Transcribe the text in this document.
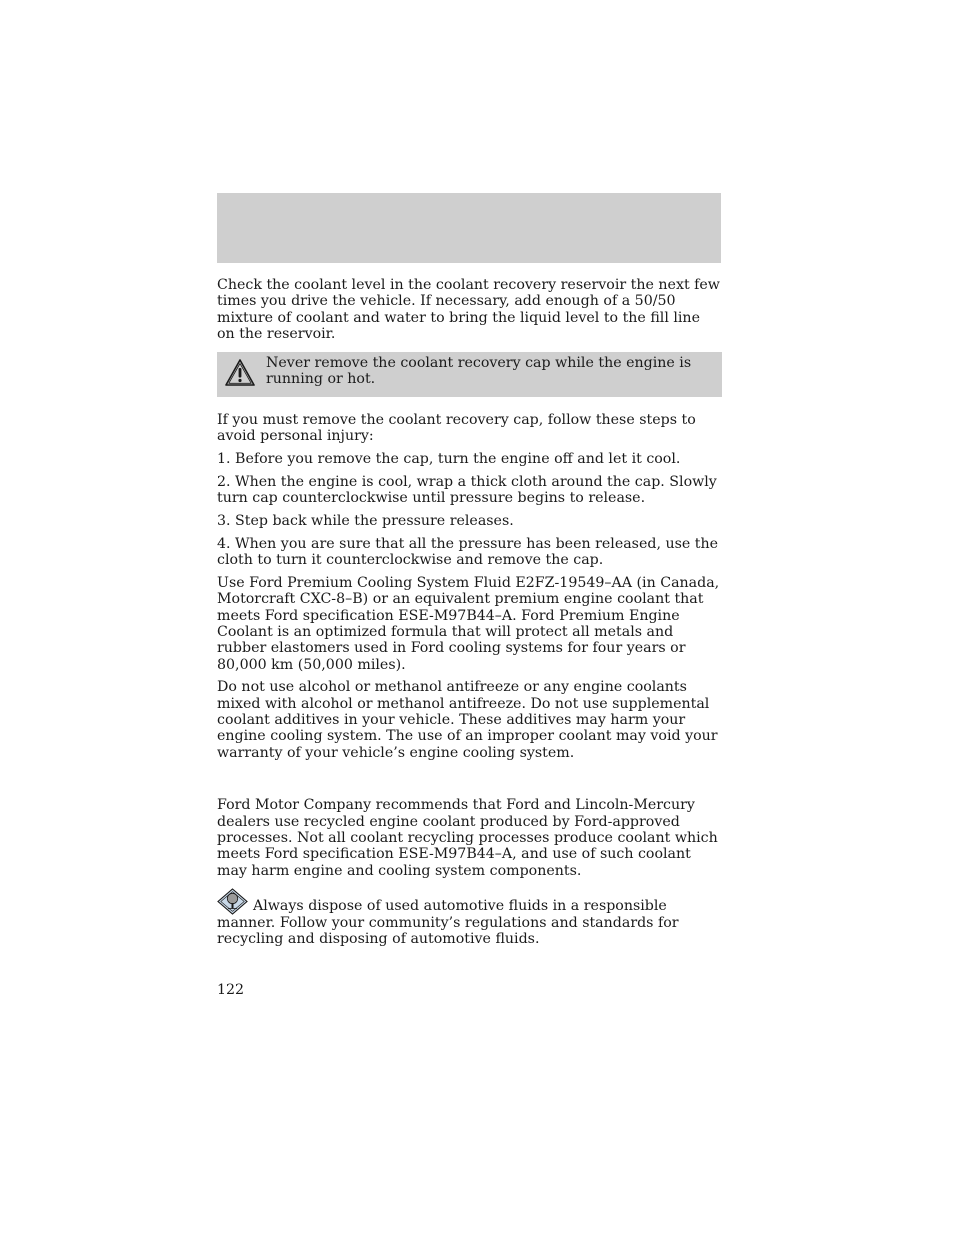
Check the coolant level in the coolant recovery reservoir the next few times you drive the vehicle. If necessary, add enough of a 50/50 mixture of coolant and water to bring the liquid level to the fill line on the reservoir.

Never remove the coolant recovery cap while the engine is running or hot.

If you must remove the coolant recovery cap, follow these steps to avoid personal injury:

1. Before you remove the cap, turn the engine off and let it cool.

2. When the engine is cool, wrap a thick cloth around the cap. Slowly turn cap counterclockwise until pressure begins to release.

3. Step back while the pressure releases.

4. When you are sure that all the pressure has been released, use the cloth to turn it counterclockwise and remove the cap.

Use Ford Premium Cooling System Fluid E2FZ-19549–AA (in Canada, Motorcraft CXC-8–B) or an equivalent premium engine coolant that meets Ford specification ESE-M97B44–A. Ford Premium Engine Coolant is an optimized formula that will protect all metals and rubber elastomers used in Ford cooling systems for four years or 80,000 km (50,000 miles).

Do not use alcohol or methanol antifreeze or any engine coolants mixed with alcohol or methanol antifreeze. Do not use supplemental coolant additives in your vehicle. These additives may harm your engine cooling system. The use of an improper coolant may void your warranty of your vehicle’s engine cooling system.

Ford Motor Company recommends that Ford and Lincoln-Mercury dealers use recycled engine coolant produced by Ford-approved processes. Not all coolant recycling processes produce coolant which meets Ford specification ESE-M97B44–A, and use of such coolant may harm engine and cooling system components.

Always dispose of used automotive fluids in a responsible manner. Follow your community’s regulations and standards for recycling and disposing of automotive fluids.

122
